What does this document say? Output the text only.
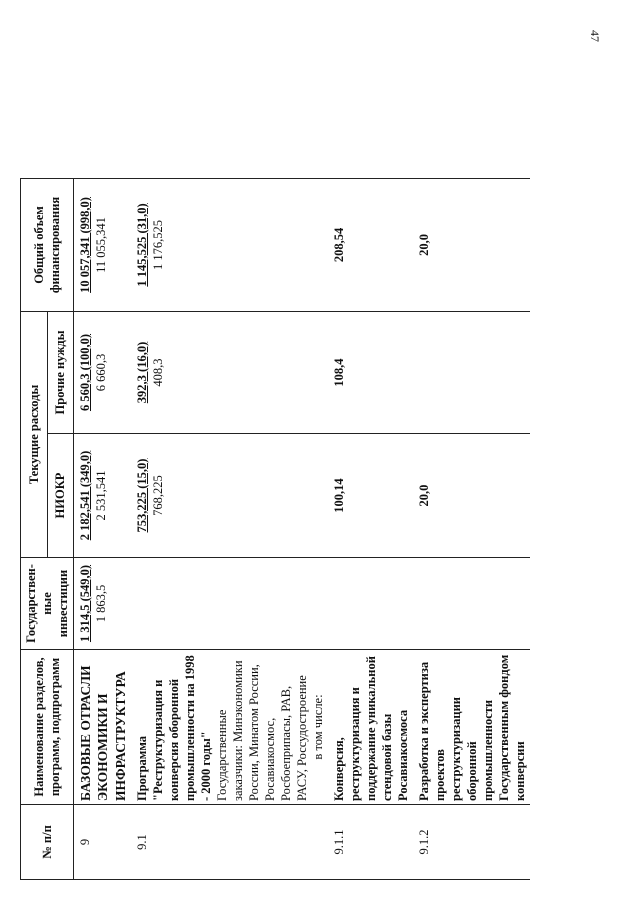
47
№ п/п	Наименование разделов, программ, подпрограмм	Государствен-ные инвестиции	Текущие расходы		Общий объем финансирования	
			НИОКР	Прочие нужды		
9	БАЗОВЫЕ ОТРАСЛИ ЭКОНОМИКИ И ИНФРАСТРУКТУРА	1 314,5 (549,0) 1 863,5	2 182,541 (349,0) 2 531,541	6 560,3 (100,0) 6 660,3	10 057,341 (998,0) 11 055,341	

9.1	Программа "Реструктуризация и конверсия оборонной промышленности на 1998 - 2000 годы" Государственные заказчики: Минэкономики России, Минатом России, Росавиакосмос, Росбоеприпасы, РАВ, РАСУ, Россудостроение в том числе:		753,225 (15,0) 768,225	392,3 (16,0) 408,3	1 145,525 (31,0) 1 176,525	

9.1.1	Конверсия, реструктуризация и поддержание уникальной стендовой базы Росавиакосмоса		100,14	108,4	208,54	
9.1.2	Разработка и экспертиза проектов реструктуризации оборонной промышленности Государственным фондом конверсии		20,0		20,0	
